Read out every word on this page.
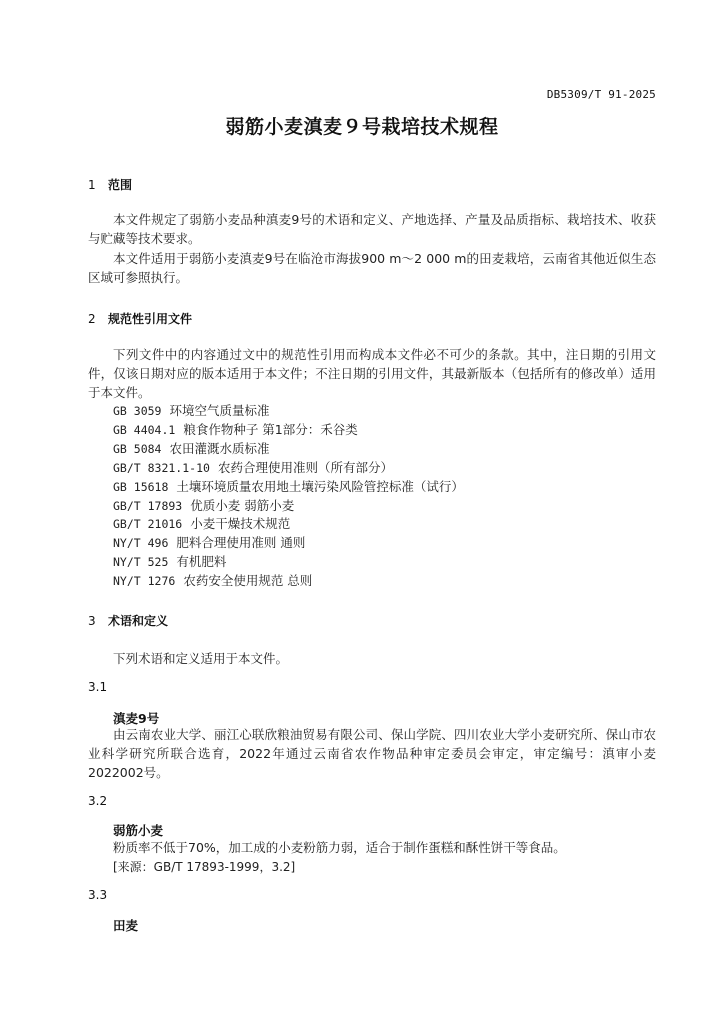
DB5309/T 91-2025
弱筋小麦滇麦９号栽培技术规程
1 范围

本文件规定了弱筋小麦品种滇麦9号的术语和定义、产地选择、产量及品质指标、栽培技术、收获与贮藏等技术要求。

本文件适用于弱筋小麦滇麦9号在临沧市海拔900 m～2 000 m的田麦栽培，云南省其他近似生态区域可参照执行。

2 规范性引用文件

下列文件中的内容通过文中的规范性引用而构成本文件必不可少的条款。其中，注日期的引用文件，仅该日期对应的版本适用于本文件；不注日期的引用文件，其最新版本（包括所有的修改单）适用于本文件。

GB 3059 环境空气质量标准
GB 4404.1 粮食作物种子 第1部分：禾谷类
GB 5084 农田灌溉水质标准
GB/T 8321.1-10 农药合理使用准则（所有部分）
GB 15618 土壤环境质量农用地土壤污染风险管控标准（试行）
GB/T 17893 优质小麦 弱筋小麦
GB/T 21016 小麦干燥技术规范
NY/T 496 肥料合理使用准则 通则
NY/T 525 有机肥料
NY/T 1276 农药安全使用规范 总则
3 术语和定义

下列术语和定义适用于本文件。

3.1
滇麦9号

由云南农业大学、丽江心联欣粮油贸易有限公司、保山学院、四川农业大学小麦研究所、保山市农业科学研究所联合选育，2022年通过云南省农作物品种审定委员会审定，审定编号：滇审小麦2022002号。

3.2
弱筋小麦

粉质率不低于70%，加工成的小麦粉筋力弱，适合于制作蛋糕和酥性饼干等食品。

[来源：GB/T 17893-1999，3.2]
3.3
田麦
